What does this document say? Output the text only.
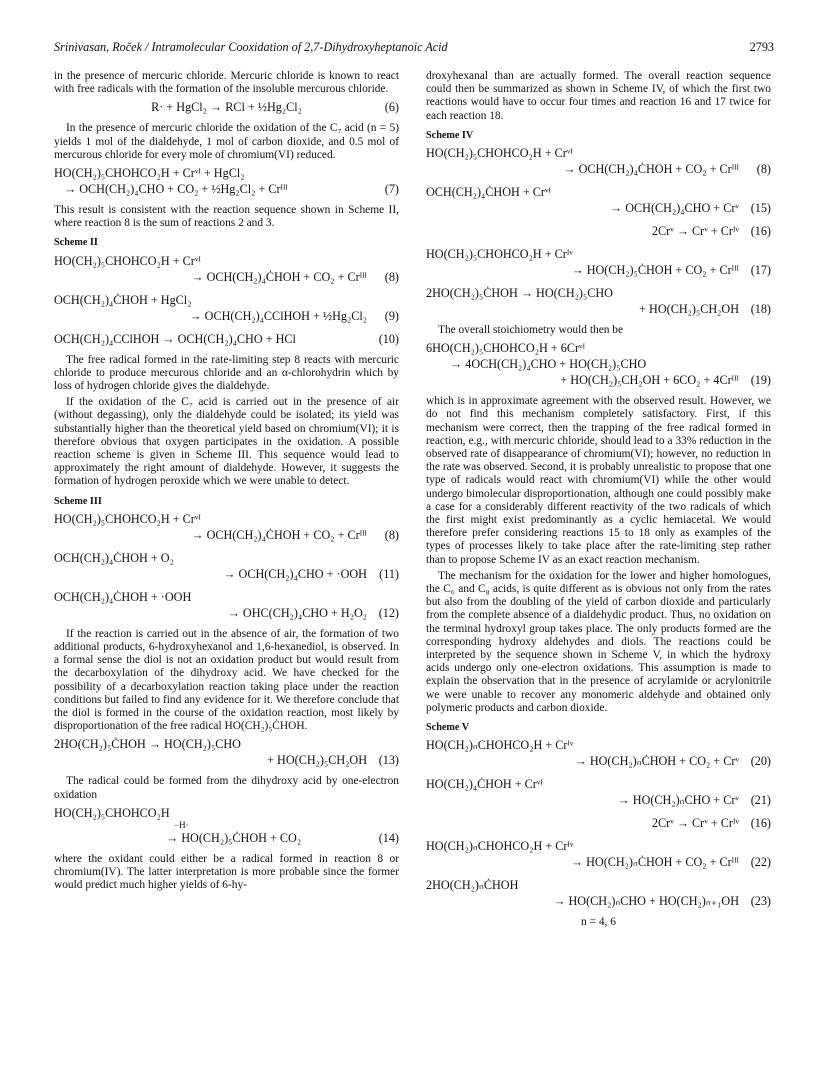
Srinivasan, Roček / Intramolecular Cooxidation of 2,7-Dihydroxyheptanoic Acid	2793

in the presence of mercuric chloride. Mercuric chloride is known to react with free radicals with the formation of the insoluble mercurous chloride.

R· + HgCl₂ → RCl + ½Hg₂Cl₂	(6)

In the presence of mercuric chloride the oxidation of the C₇ acid (n = 5) yields 1 mol of the dialdehyde, 1 mol of carbon dioxide, and 0.5 mol of mercurous chloride for every mole of chromium(VI) reduced.

HO(CH₂)₅CHOHCO₂H + Crᵛᴵ + HgCl₂
→ OCH(CH₂)₄CHO + CO₂ + ½Hg₂Cl₂ + Crᴵᴵᴵ	(7)

This result is consistent with the reaction sequence shown in Scheme II, where reaction 8 is the sum of reactions 2 and 3.

Scheme II
HO(CH₂)₅CHOHCO₂H + Crᵛᴵ
→ OCH(CH₂)₄ĊHOH + CO₂ + Crᴵᴵᴵ	(8)
OCH(CH₂)₄ĊHOH + HgCl₂
→ OCH(CH₂)₄CClHOH + ½Hg₂Cl₂	(9)
OCH(CH₂)₄CClHOH → OCH(CH₂)₄CHO + HCl	(10)

The free radical formed in the rate-limiting step 8 reacts with mercuric chloride to produce mercurous chloride and an α-chlorohydrin which by loss of hydrogen chloride gives the dialdehyde.

If the oxidation of the C₇ acid is carried out in the presence of air (without degassing), only the dialdehyde could be isolated; its yield was substantially higher than the theoretical yield based on chromium(VI); it is therefore obvious that oxygen participates in the oxidation. A possible reaction scheme is given in Scheme III. This sequence would lead to approximately the right amount of dialdehyde. However, it suggests the formation of hydrogen peroxide which we were unable to detect.

Scheme III
HO(CH₂)₅CHOHCO₂H + Crᵛᴵ
→ OCH(CH₂)₄ĊHOH + CO₂ + Crᴵᴵᴵ	(8)
OCH(CH₂)₄ĊHOH + O₂
→ OCH(CH₂)₄CHO + ·OOH (11)
OCH(CH₂)₄ĊHOH + ·OOH
→ OHC(CH₂)₄CHO + H₂O₂ (12)

If the reaction is carried out in the absence of air, the formation of two additional products, 6-hydroxyhexanol and 1,6-hexanediol, is observed. In a formal sense the diol is not an oxidation product but would result from the decarboxylation of the dihydroxy acid. We have checked for the possibility of a decarboxylation reaction taking place under the reaction conditions but failed to find any evidence for it. We therefore conclude that the diol is formed in the course of the oxidation reaction, most likely by disproportionation of the free radical HO(CH₂)₅ĊHOH.

2HO(CH₂)₅ĊHOH → HO(CH₂)₅CHO
+ HO(CH₂)₅CH₂OH (13)

The radical could be formed from the dihydroxy acid by one-electron oxidation

HO(CH₂)₅CHOHCO₂H
−H·
→ HO(CH₂)₅ĊHOH + CO₂	(14)

where the oxidant could either be a radical formed in reaction 8 or chromium(IV). The latter interpretation is more probable since the former would predict much higher yields of 6-hy-

droxyhexanal than are actually formed. The overall reaction sequence could then be summarized as shown in Scheme IV, of which the first two reactions would have to occur four times and reaction 16 and 17 twice for each reaction 18.

Scheme IV
HO(CH₂)₅CHOHCO₂H + Crᵛᴵ
→ OCH(CH₂)₄ĊHOH + CO₂ + Crᴵᴵᴵ	(8)
OCH(CH₂)₄ĊHOH + Crᵛᴵ
→ OCH(CH₂)₄CHO + Crᵛ (15)
2Crᵛ → Crᵛ + Crᴵᵛ (16)
HO(CH₂)₅CHOHCO₂H + Crᴵᵛ
→ HO(CH₂)₅ĊHOH + CO₂ + Crᴵᴵᴵ (17)
2HO(CH₂)₅ĊHOH → HO(CH₂)₅CHO
+ HO(CH₂)₅CH₂OH (18)

The overall stoichiometry would then be

6HO(CH₂)₅CHOHCO₂H + 6Crᵛᴵ
→ 4OCH(CH₂)₄CHO + HO(CH₂)₅CHO
+ HO(CH₂)₅CH₂OH + 6CO₂ + 4Crᴵᴵᴵ (19)

which is in approximate agreement with the observed result. However, we do not find this mechanism completely satisfactory. First, if this mechanism were correct, then the trapping of the free radical formed in reaction, e.g., with mercuric chloride, should lead to a 33% reduction in the observed rate of disappearance of chromium(VI); however, no reduction in the rate was observed. Second, it is probably unrealistic to propose that one type of radicals would react with chromium(VI) while the other would undergo bimolecular disproportionation, although one could possibly make a case for a considerably different reactivity of the two radicals of which the first might exist predominantly as a cyclic hemiacetal. We would therefore prefer considering reactions 15 to 18 only as examples of the types of processes likely to take place after the rate-limiting step rather than to propose Scheme IV as an exact reaction mechanism.

The mechanism for the oxidation for the lower and higher homologues, the C₆ and C₈ acids, is quite different as is obvious not only from the rates but also from the doubling of the yield of carbon dioxide and particularly from the complete absence of a dialdehydic product. Thus, no oxidation on the terminal hydroxyl group takes place. The only products formed are the corresponding hydroxy aldehydes and diols. The reactions could be interpreted by the sequence shown in Scheme V, in which the hydroxy acids undergo only one-electron oxidations. This assumption is made to explain the observation that in the presence of acrylamide or acrylonitrile we were unable to recover any monomeric aldehyde and obtained only polymeric products and carbon dioxide.

Scheme V
HO(CH₂)ₙCHOHCO₂H + Crᴵᵛ
→ HO(CH₂)ₙĊHOH + CO₂ + Crᵛ (20)
HO(CH₂)₄ĊHOH + Crᵛᴵ
→ HO(CH₂)ₙCHO + Crᵛ (21)
2Crᵛ → Crᵛ + Crᴵᵛ (16)
HO(CH₂)ₙCHOHCO₂H + Crᴵᵛ
→ HO(CH₂)ₙĊHOH + CO₂ + Crᴵᴵᴵ (22)
2HO(CH₂)ₙĊHOH
→ HO(CH₂)ₙCHO + HO(CH₂)ₙ₊₁OH (23)
n = 4, 6
